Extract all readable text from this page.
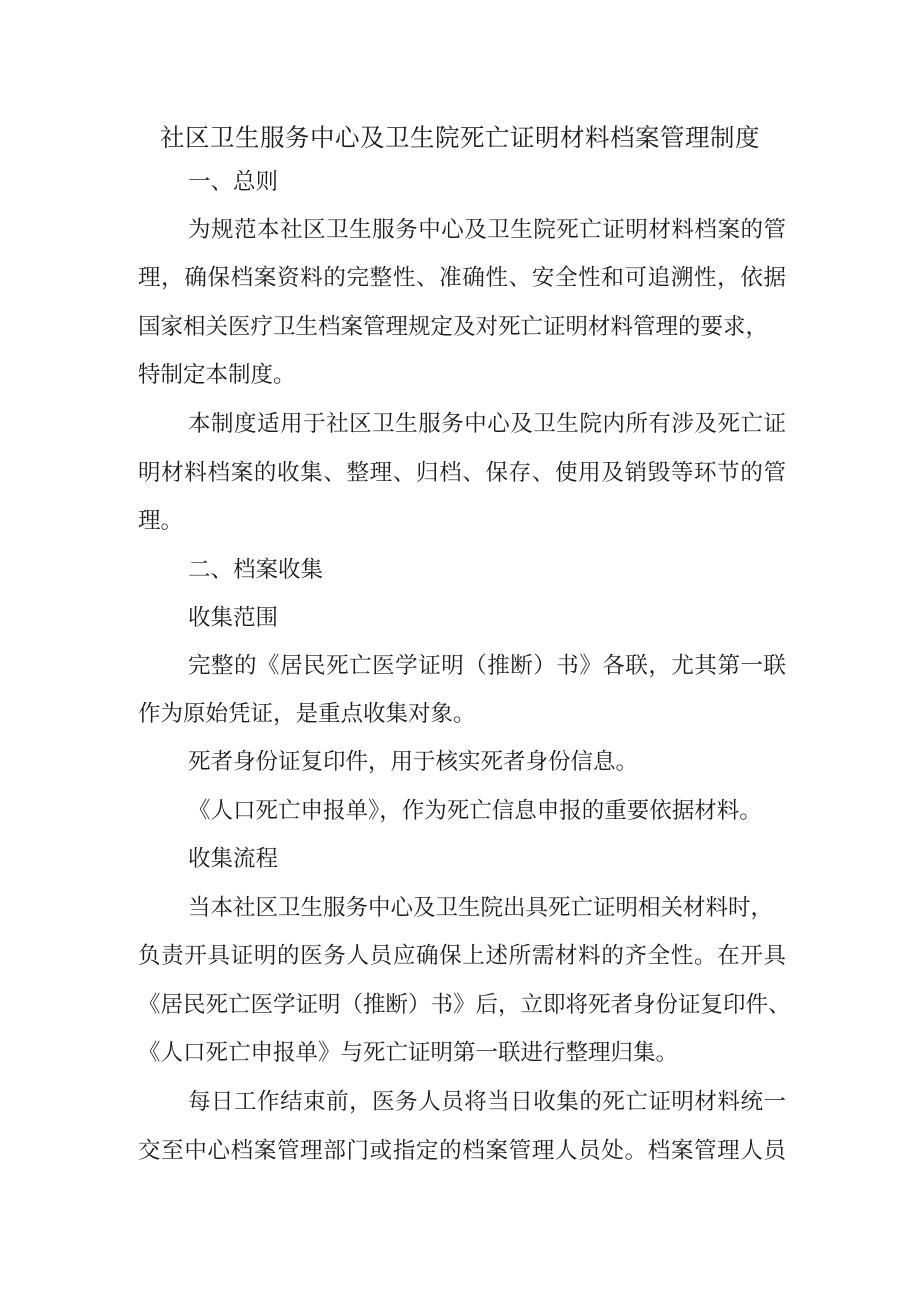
社区卫生服务中心及卫生院死亡证明材料档案管理制度
一、总则
为规范本社区卫生服务中心及卫生院死亡证明材料档案的管
理，确保档案资料的完整性、准确性、安全性和可追溯性，依据
国家相关医疗卫生档案管理规定及对死亡证明材料管理的要求，
特制定本制度。
本制度适用于社区卫生服务中心及卫生院内所有涉及死亡证
明材料档案的收集、整理、归档、保存、使用及销毁等环节的管
理。
二、档案收集
收集范围
完整的《居民死亡医学证明（推断）书》各联，尤其第一联
作为原始凭证，是重点收集对象。
死者身份证复印件，用于核实死者身份信息。
《人口死亡申报单》，作为死亡信息申报的重要依据材料。
收集流程
当本社区卫生服务中心及卫生院出具死亡证明相关材料时，
负责开具证明的医务人员应确保上述所需材料的齐全性。在开具
《居民死亡医学证明（推断）书》后，立即将死者身份证复印件、
《人口死亡申报单》与死亡证明第一联进行整理归集。
每日工作结束前，医务人员将当日收集的死亡证明材料统一
交至中心档案管理部门或指定的档案管理人员处。档案管理人员
